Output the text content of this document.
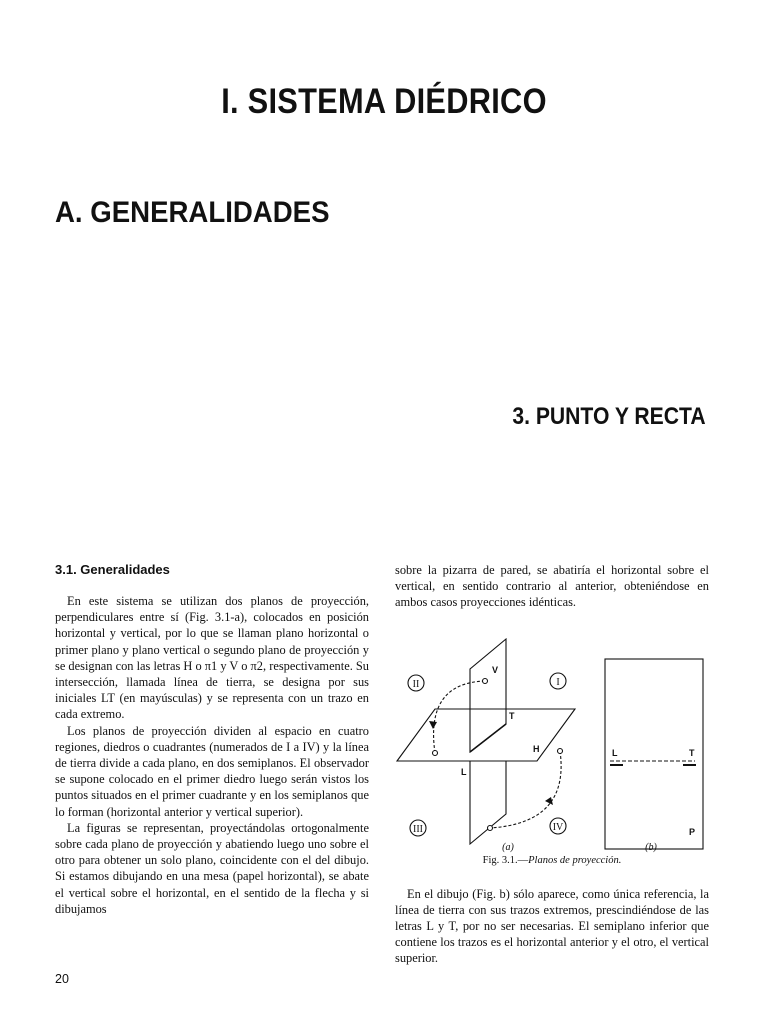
I. SISTEMA DIÉDRICO
A. GENERALIDADES
3. PUNTO Y RECTA
3.1. Generalidades

En este sistema se utilizan dos planos de proyección, perpendiculares entre sí (Fig. 3.1-a), colocados en posición horizontal y vertical, por lo que se llaman plano horizontal o primer plano y plano vertical o segundo plano de proyección y se designan con las letras H o π1 y V o π2, respectivamente. Su intersección, llamada línea de tierra, se designa por sus iniciales LT (en mayúsculas) y se representa con un trazo en cada extremo.

Los planos de proyección dividen al espacio en cuatro regiones, diedros o cuadrantes (numerados de I a IV) y la línea de tierra divide a cada plano, en dos semiplanos. El observador se supone colocado en el primer diedro luego serán vistos los puntos situados en el primer cuadrante y en los semiplanos que lo forman (horizontal anterior y vertical superior).

La figuras se representan, proyectándolas ortogonalmente sobre cada plano de proyección y abatiendo luego uno sobre el otro para obtener un solo plano, coincidente con el del dibujo. Si estamos dibujando en una mesa (papel horizontal), se abate el vertical sobre el horizontal, en el sentido de la flecha y si dibujamos

sobre la pizarra de pared, se abatiría el horizontal sobre el vertical, en sentido contrario al anterior, obteniéndose en ambos casos proyecciones idénticas.

II	I
III	IV
V
T
H
L
L	T
P
(a)	(b)

Fig. 3.1.—Planos de proyección.

En el dibujo (Fig. b) sólo aparece, como única referencia, la línea de tierra con sus trazos extremos, prescindiéndose de las letras L y T, por no ser necesarias. El semiplano inferior que contiene los trazos es el horizontal anterior y el otro, el vertical superior.

20
